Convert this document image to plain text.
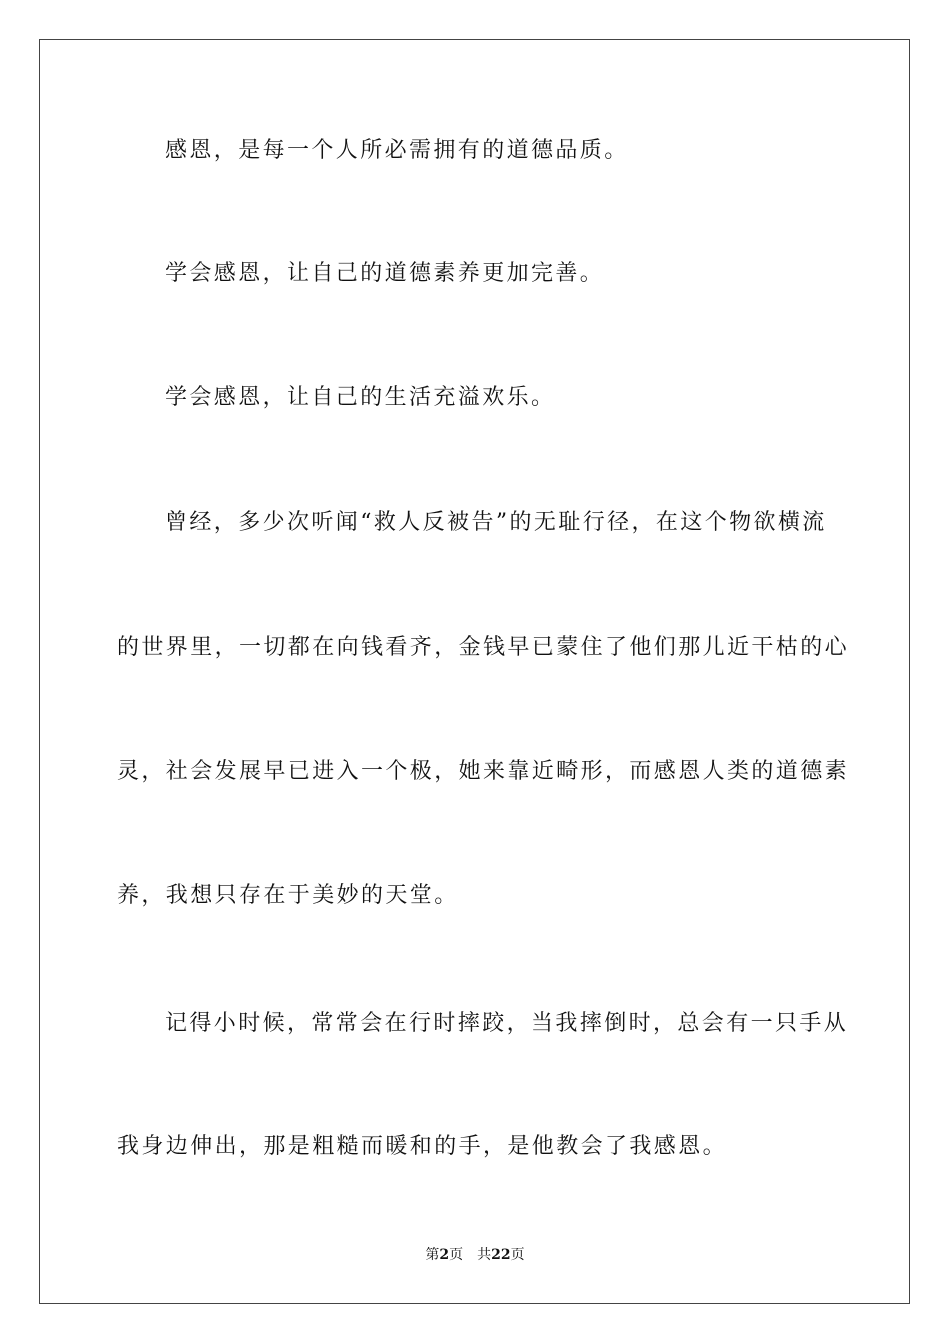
感恩，是每一个人所必需拥有的道德品质。
学会感恩，让自己的道德素养更加完善。
学会感恩，让自己的生活充溢欢乐。
曾经，多少次听闻“救人反被告”的无耻行径，在这个物欲横流
的世界里，一切都在向钱看齐，金钱早已蒙住了他们那儿近干枯的心
灵，社会发展早已进入一个极，她来靠近畸形，而感恩人类的道德素
养，我想只存在于美妙的天堂。
记得小时候，常常会在行时摔跤，当我摔倒时，总会有一只手从
我身边伸出，那是粗糙而暖和的手，是他教会了我感恩。
第2页 共22页
